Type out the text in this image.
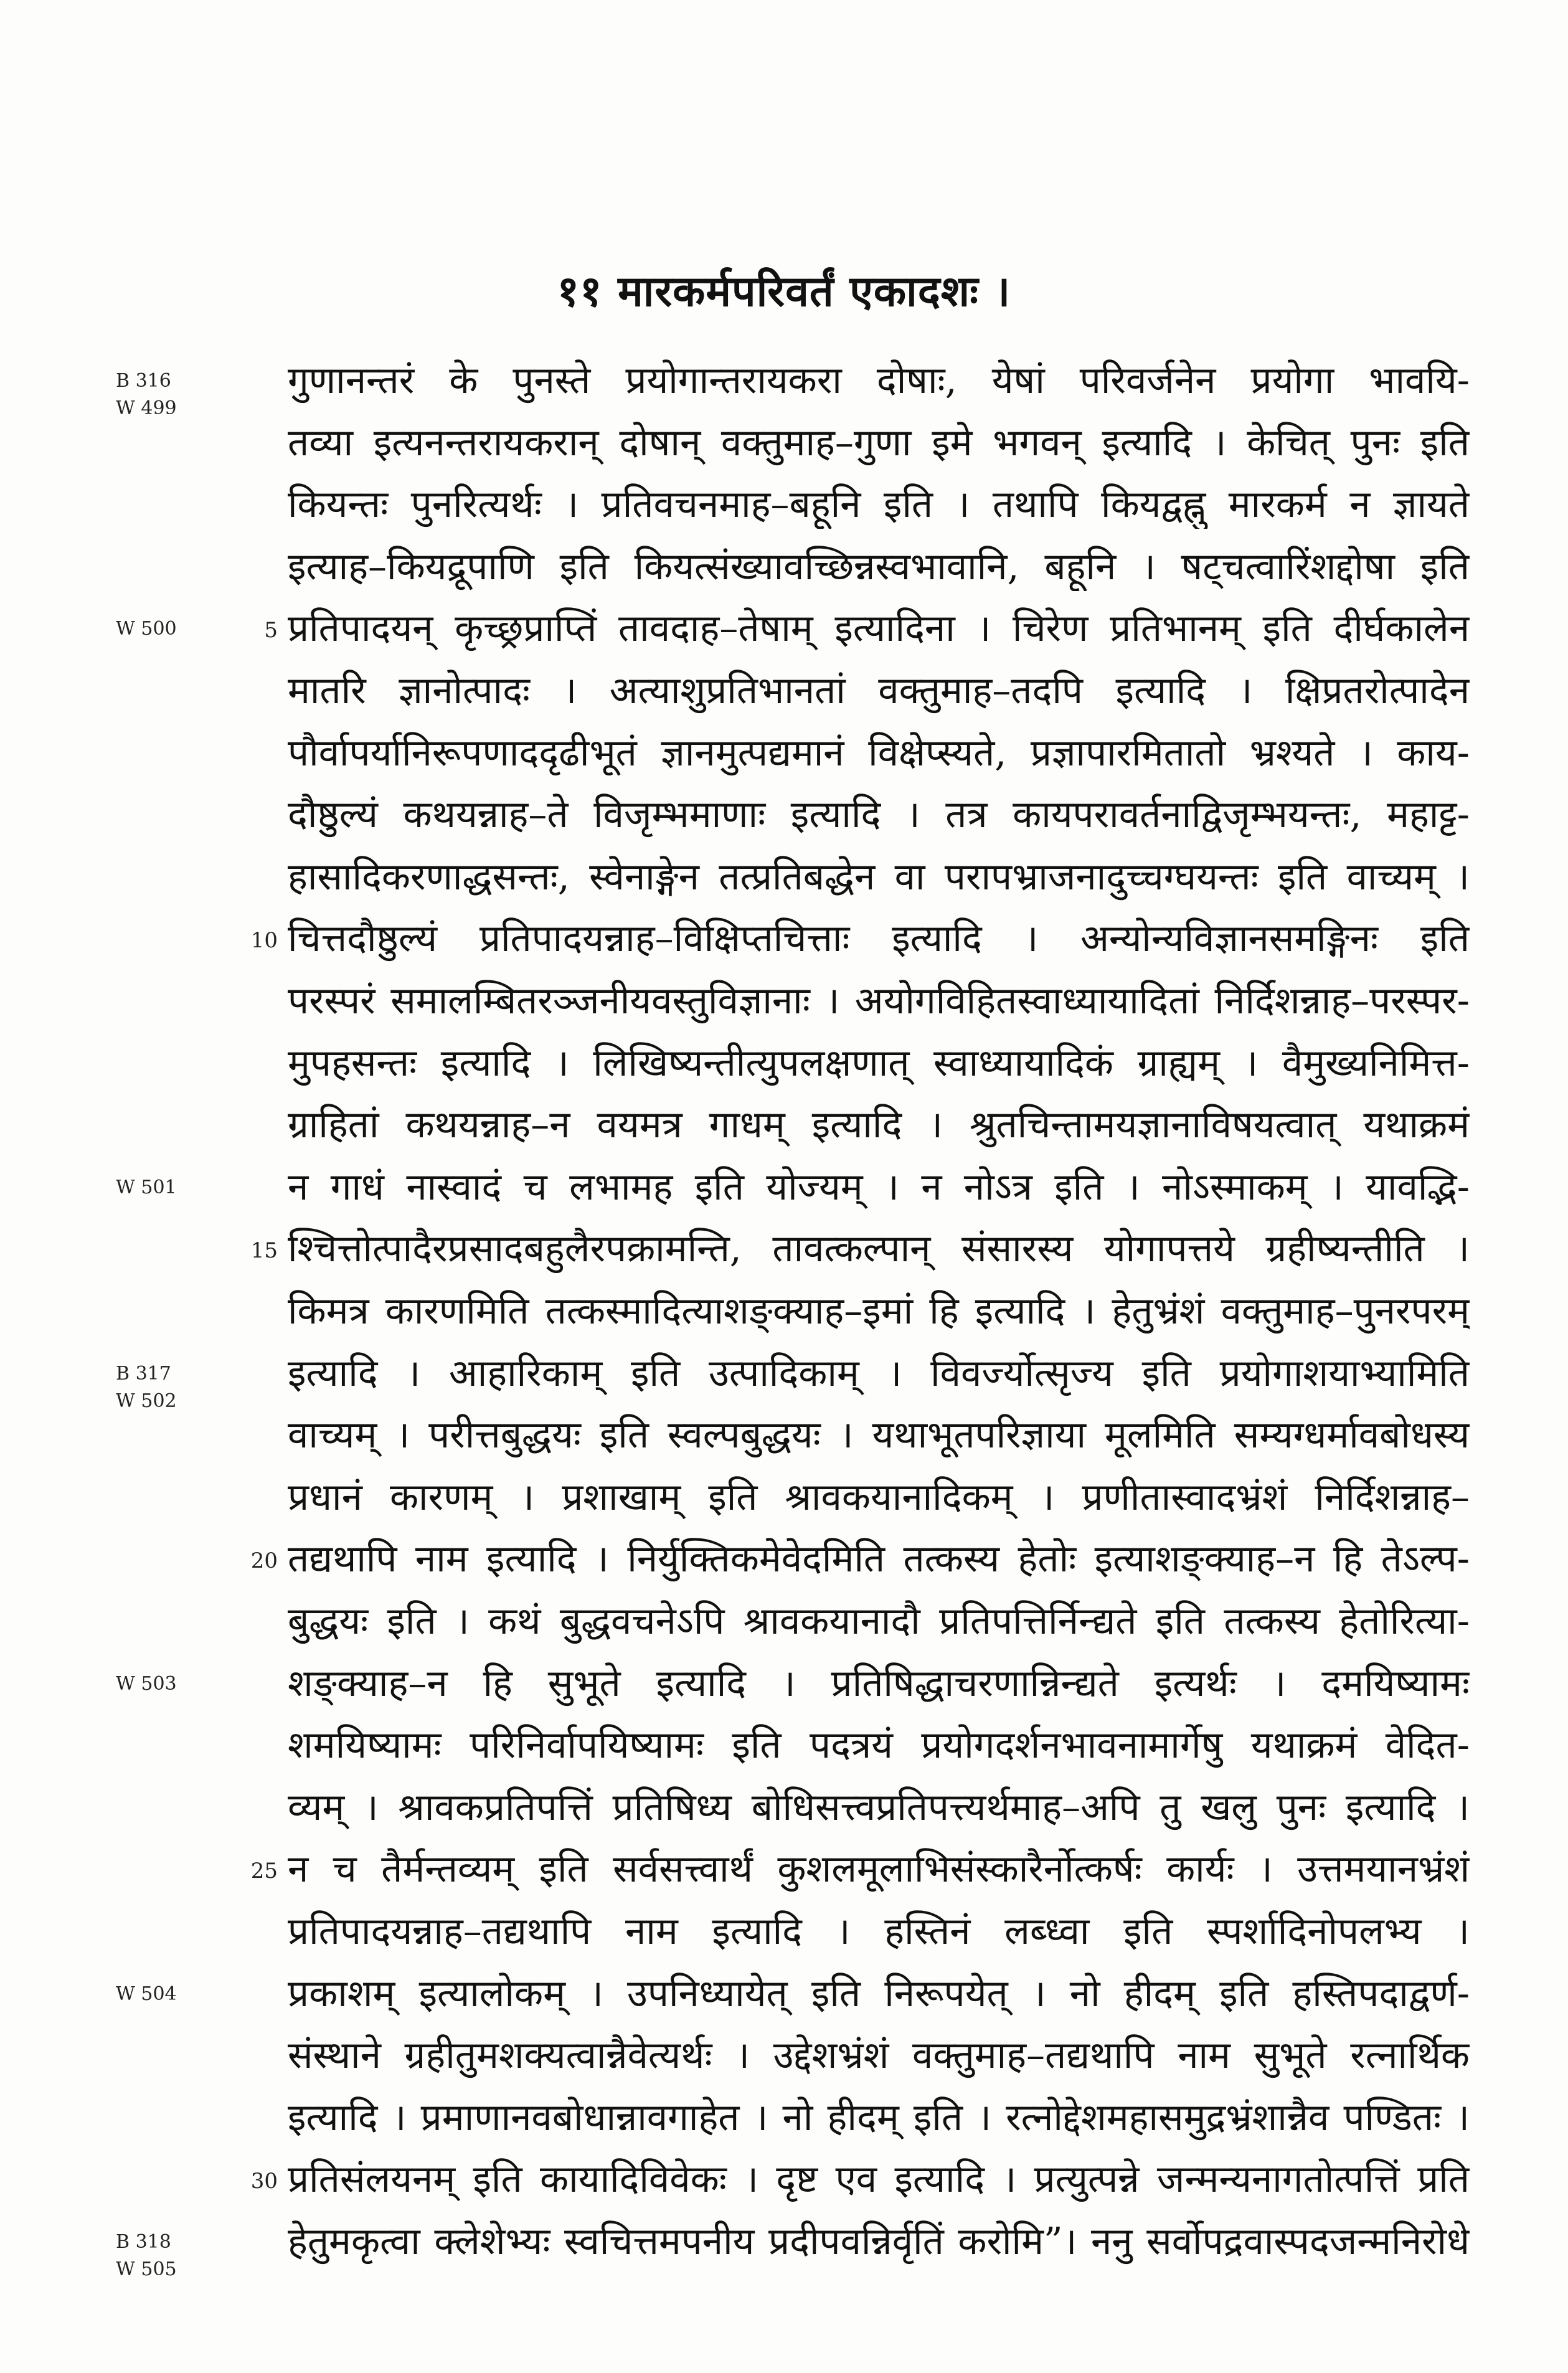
११ मारकर्मपरिवर्तं एकादशः ।
B 316
W 499
W 500
W 501
B 317
W 502
W 503
W 504
B 318
W 505
5
10
15
20
25
30
गुणानन्तरं के पुनस्ते प्रयोगान्तरायकरा दोषाः, येषां परिवर्जनेन प्रयोगा भावयि-
तव्या इत्यनन्तरायकरान् दोषान् वक्तुमाह–गुणा इमे भगवन् इत्यादि । केचित् पुनः इति
कियन्तः पुनरित्यर्थः । प्रतिवचनमाह–बहूनि इति । तथापि कियद्वह्नु मारकर्म न ज्ञायते
इत्याह–कियद्रूपाणि इति कियत्संख्यावच्छिन्नस्वभावानि, बहूनि । षट्चत्वारिंशद्दोषा इति
प्रतिपादयन् कृच्छ्रप्राप्तिं तावदाह–तेषाम् इत्यादिना । चिरेण प्रतिभानम् इति दीर्घकालेन
मातरि ज्ञानोत्पादः । अत्याशुप्रतिभानतां वक्तुमाह–तदपि इत्यादि । क्षिप्रतरोत्पादेन
पौर्वापर्यानिरूपणाददृढीभूतं ज्ञानमुत्पद्यमानं विक्षेप्स्यते, प्रज्ञापारमितातो भ्रश्यते । काय-
दौष्ठुल्यं कथयन्नाह–ते विजृम्भमाणाः इत्यादि । तत्र कायपरावर्तनाद्विजृम्भयन्तः, महाट्ट-
हासादिकरणाद्धसन्तः, स्वेनाङ्गेन तत्प्रतिबद्धेन वा परापभ्राजनादुच्चग्घयन्तः इति वाच्यम् ।
चित्तदौष्ठुल्यं प्रतिपादयन्नाह–विक्षिप्तचित्ताः इत्यादि । अन्योन्यविज्ञानसमङ्गिनः इति
परस्परं समालम्बितरञ्जनीयवस्तुविज्ञानाः । अयोगविहितस्वाध्यायादितां निर्दिशन्नाह–परस्पर-
मुपहसन्तः इत्यादि । लिखिष्यन्तीत्युपलक्षणात् स्वाध्यायादिकं ग्राह्यम् । वैमुख्यनिमित्त-
ग्राहितां कथयन्नाह–न वयमत्र गाधम् इत्यादि । श्रुतचिन्तामयज्ञानाविषयत्वात् यथाक्रमं
न गाधं नास्वादं च लभामह इति योज्यम् । न नोऽत्र इति । नोऽस्माकम् । यावद्भि-
श्चित्तोत्पादैरप्रसादबहुलैरपक्रामन्ति, तावत्कल्पान् संसारस्य योगापत्तये ग्रहीष्यन्तीति ।
किमत्र कारणमिति तत्कस्मादित्याशङ्क्याह–इमां हि इत्यादि । हेतुभ्रंशं वक्तुमाह–पुनरपरम्
इत्यादि । आहारिकाम् इति उत्पादिकाम् । विवर्ज्योत्सृज्य इति प्रयोगाशयाभ्यामिति
वाच्यम् । परीत्तबुद्धयः इति स्वल्पबुद्धयः । यथाभूतपरिज्ञाया मूलमिति सम्यग्धर्मावबोधस्य
प्रधानं कारणम् । प्रशाखाम् इति श्रावकयानादिकम् । प्रणीतास्वादभ्रंशं निर्दिशन्नाह–
तद्यथापि नाम इत्यादि । निर्युक्तिकमेवेदमिति तत्कस्य हेतोः इत्याशङ्क्याह–न हि तेऽल्प-
बुद्धयः इति । कथं बुद्धवचनेऽपि श्रावकयानादौ प्रतिपत्तिर्निन्द्यते इति तत्कस्य हेतोरित्या-
शङ्क्याह–न हि सुभूते इत्यादि । प्रतिषिद्धाचरणान्निन्द्यते इत्यर्थः । दमयिष्यामः
शमयिष्यामः परिनिर्वापयिष्यामः इति पदत्रयं प्रयोगदर्शनभावनामार्गेषु यथाक्रमं वेदित-
व्यम् । श्रावकप्रतिपत्तिं प्रतिषिध्य बोधिसत्त्वप्रतिपत्त्यर्थमाह–अपि तु खलु पुनः इत्यादि ।
न च तैर्मन्तव्यम् इति सर्वसत्त्वार्थं कुशलमूलाभिसंस्कारैर्नोत्कर्षः कार्यः । उत्तमयानभ्रंशं
प्रतिपादयन्नाह–तद्यथापि नाम इत्यादि । हस्तिनं लब्ध्वा इति स्पर्शादिनोपलभ्य ।
प्रकाशम् इत्यालोकम् । उपनिध्यायेत् इति निरूपयेत् । नो हीदम् इति हस्तिपदाद्वर्ण-
संस्थाने ग्रहीतुमशक्यत्वान्नैवेत्यर्थः । उद्देशभ्रंशं वक्तुमाह–तद्यथापि नाम सुभूते रत्नार्थिक
इत्यादि । प्रमाणानवबोधान्नावगाहेत । नो हीदम् इति । रत्नोद्देशमहासमुद्रभ्रंशान्नैव पण्डितः ।
प्रतिसंलयनम् इति कायादिविवेकः । दृष्ट एव इत्यादि । प्रत्युत्पन्ने जन्मन्यनागतोत्पत्तिं प्रति
हेतुमकृत्वा क्लेशेभ्यः स्वचित्तमपनीय प्रदीपवन्निर्वृतिं करोमि”। ननु सर्वोपद्रवास्पदजन्मनिरोधे
